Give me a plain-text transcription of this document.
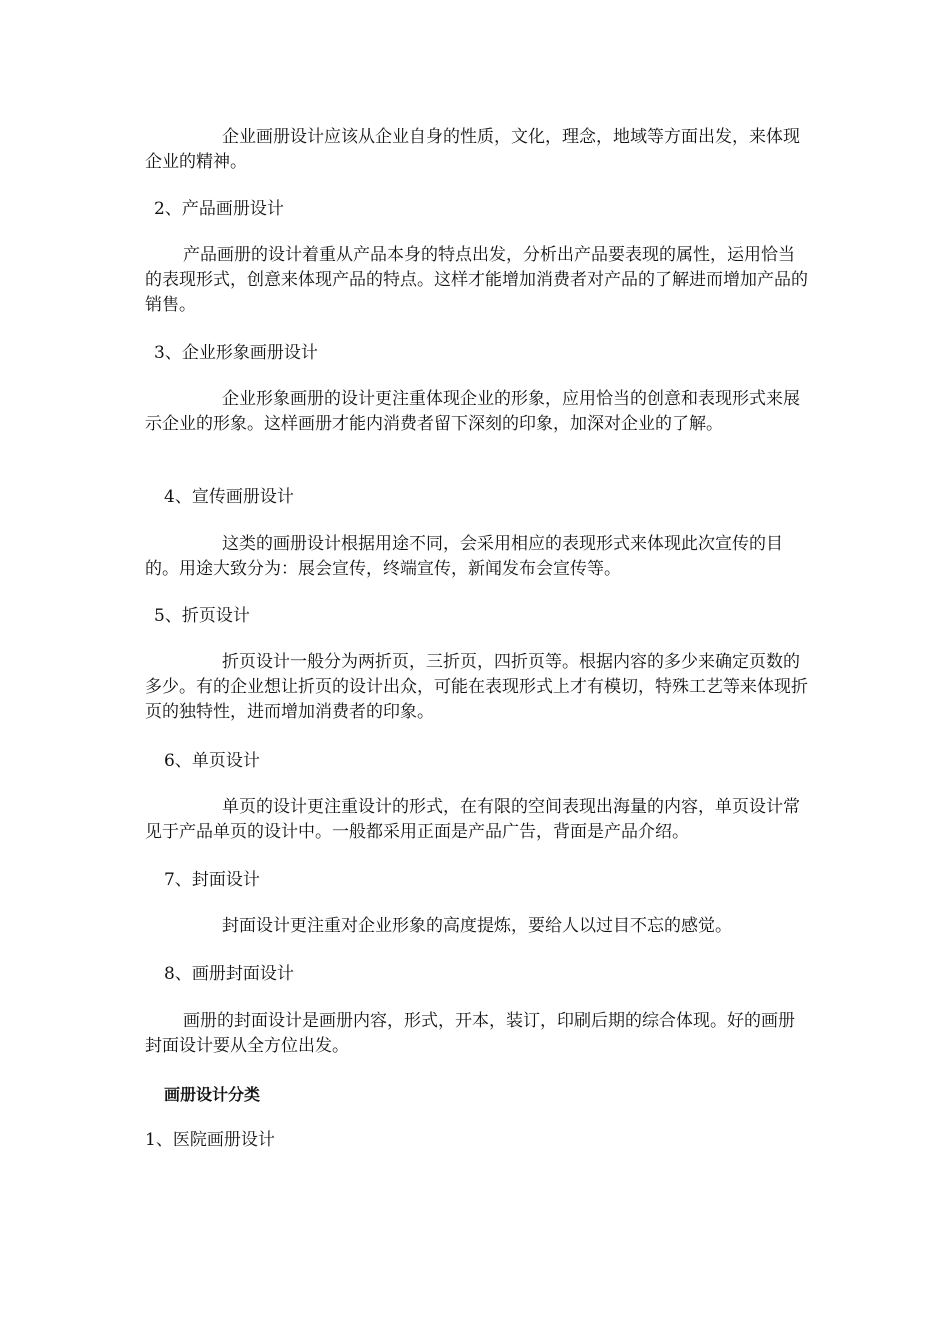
企业画册设计应该从企业自身的性质，文化，理念，地域等方面出发，来体现企业的精神。

2、产品画册设计

产品画册的设计着重从产品本身的特点出发，分析出产品要表现的属性，运用恰当的表现形式，创意来体现产品的特点。这样才能增加消费者对产品的了解进而增加产品的销售。

3、企业形象画册设计

企业形象画册的设计更注重体现企业的形象，应用恰当的创意和表现形式来展示企业的形象。这样画册才能内消费者留下深刻的印象，加深对企业的了解。

4、宣传画册设计

这类的画册设计根据用途不同，会采用相应的表现形式来体现此次宣传的目的。用途大致分为：展会宣传，终端宣传，新闻发布会宣传等。

5、折页设计

折页设计一般分为两折页，三折页，四折页等。根据内容的多少来确定页数的多少。有的企业想让折页的设计出众，可能在表现形式上才有模切，特殊工艺等来体现折页的独特性，进而增加消费者的印象。

6、单页设计

单页的设计更注重设计的形式，在有限的空间表现出海量的内容，单页设计常见于产品单页的设计中。一般都采用正面是产品广告，背面是产品介绍。

7、封面设计

封面设计更注重对企业形象的高度提炼，要给人以过目不忘的感觉。

8、画册封面设计

画册的封面设计是画册内容，形式，开本，装订，印刷后期的综合体现。好的画册封面设计要从全方位出发。

画册设计分类
1、医院画册设计
